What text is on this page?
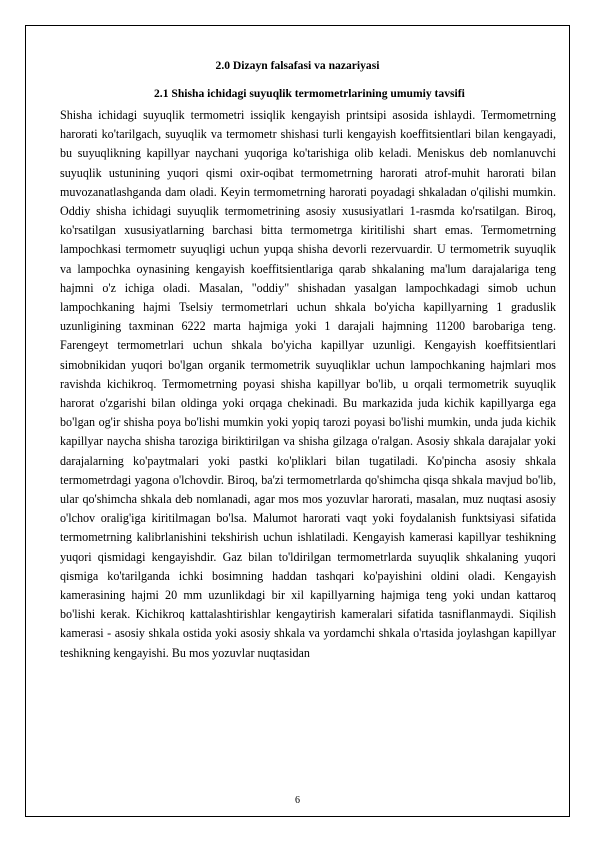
2.0 Dizayn falsafasi va nazariyasi
2.1 Shisha ichidagi suyuqlik termometrlarining umumiy tavsifi

Shisha ichidagi suyuqlik termometri issiqlik kengayish printsipi asosida ishlaydi. Termometrning harorati ko'tarilgach, suyuqlik va termometr shishasi turli kengayish koeffitsientlari bilan kengayadi, bu suyuqlikning kapillyar naychani yuqoriga ko'tarishiga olib keladi. Meniskus deb nomlanuvchi suyuqlik ustunining yuqori qismi oxir-oqibat termometrning harorati atrof-muhit harorati bilan muvozanatlashganda dam oladi. Keyin termometrning harorati poyadagi shkaladan o'qilishi mumkin. Oddiy shisha ichidagi suyuqlik termometrining asosiy xususiyatlari 1-rasmda ko'rsatilgan. Biroq, ko'rsatilgan xususiyatlarning barchasi bitta termometrga kiritilishi shart emas. Termometrning lampochkasi termometr suyuqligi uchun yupqa shisha devorli rezervuardir. U termometrik suyuqlik va lampochka oynasining kengayish koeffitsientlariga qarab shkalaning ma'lum darajalariga teng hajmni o'z ichiga oladi. Masalan, "oddiy" shishadan yasalgan lampochkadagi simob uchun lampochkaning hajmi Tselsiy termometrlari uchun shkala bo'yicha kapillyarning 1 graduslik uzunligining taxminan 6222 marta hajmiga yoki 1 darajali hajmning 11200 barobariga teng. Farengeyt termometrlari uchun shkala bo'yicha kapillyar uzunligi. Kengayish koeffitsientlari simobnikidan yuqori bo'lgan organik termometrik suyuqliklar uchun lampochkaning hajmlari mos ravishda kichikroq. Termometrning poyasi shisha kapillyar bo'lib, u orqali termometrik suyuqlik harorat o'zgarishi bilan oldinga yoki orqaga chekinadi. Bu markazida juda kichik kapillyarga ega bo'lgan og'ir shisha poya bo'lishi mumkin yoki yopiq tarozi poyasi bo'lishi mumkin, unda juda kichik kapillyar naycha shisha taroziga biriktirilgan va shisha gilzaga o'ralgan. Asosiy shkala darajalar yoki darajalarning ko'paytmalari yoki pastki ko'pliklari bilan tugatiladi. Ko'pincha asosiy shkala termometrdagi yagona o'lchovdir. Biroq, ba'zi termometrlarda qo'shimcha qisqa shkala mavjud bo'lib, ular qo'shimcha shkala deb nomlanadi, agar mos mos yozuvlar harorati, masalan, muz nuqtasi asosiy o'lchov oralig'iga kiritilmagan bo'lsa. Malumot harorati vaqt yoki foydalanish funktsiyasi sifatida termometrning kalibrlanishini tekshirish uchun ishlatiladi. Kengayish kamerasi kapillyar teshikning yuqori qismidagi kengayishdir. Gaz bilan to'ldirilgan termometrlarda suyuqlik shkalaning yuqori qismiga ko'tarilganda ichki bosimning haddan tashqari ko'payishini oldini oladi. Kengayish kamerasining hajmi 20 mm uzunlikdagi bir xil kapillyarning hajmiga teng yoki undan kattaroq bo'lishi kerak. Kichikroq kattalashtirishlar kengaytirish kameralari sifatida tasniflanmaydi. Siqilish kamerasi - asosiy shkala ostida yoki asosiy shkala va yordamchi shkala o'rtasida joylashgan kapillyar teshikning kengayishi. Bu mos yozuvlar nuqtasidan

6
